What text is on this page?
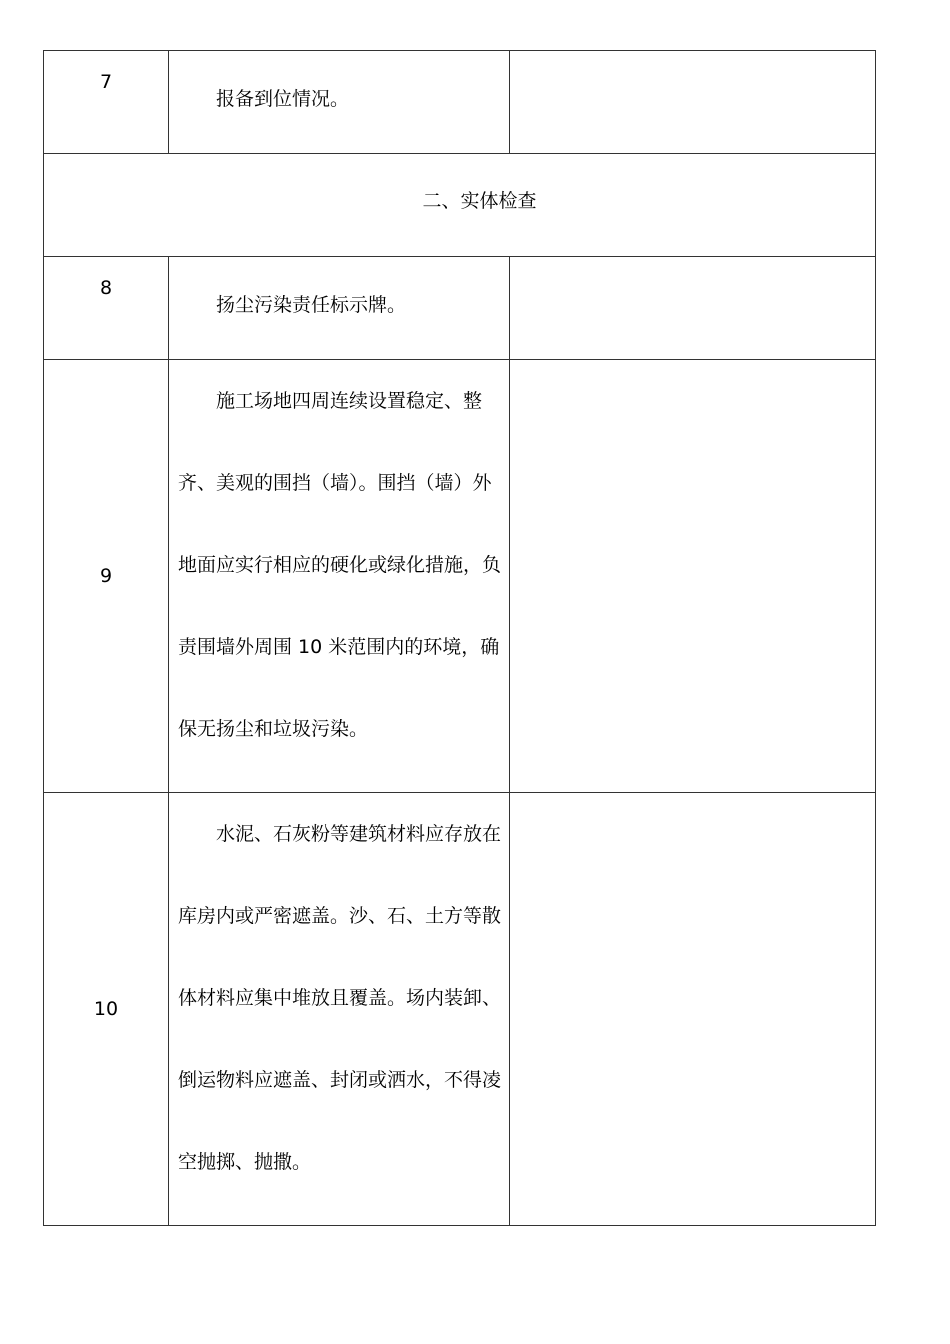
7	报备到位情况。	

二、实体检查		
8	扬尘污染责任标示牌。	

9	施工场地四周连续设置稳定、整齐、美观的围挡（墙）。围挡（墙）外地面应实行相应的硬化或绿化措施，负责围墙外周围 10 米范围内的环境，确保无扬尘和垃圾污染。	

10	水泥、石灰粉等建筑材料应存放在库房内或严密遮盖。沙、石、土方等散体材料应集中堆放且覆盖。场内装卸、倒运物料应遮盖、封闭或洒水，不得凌空抛掷、抛撒。	
